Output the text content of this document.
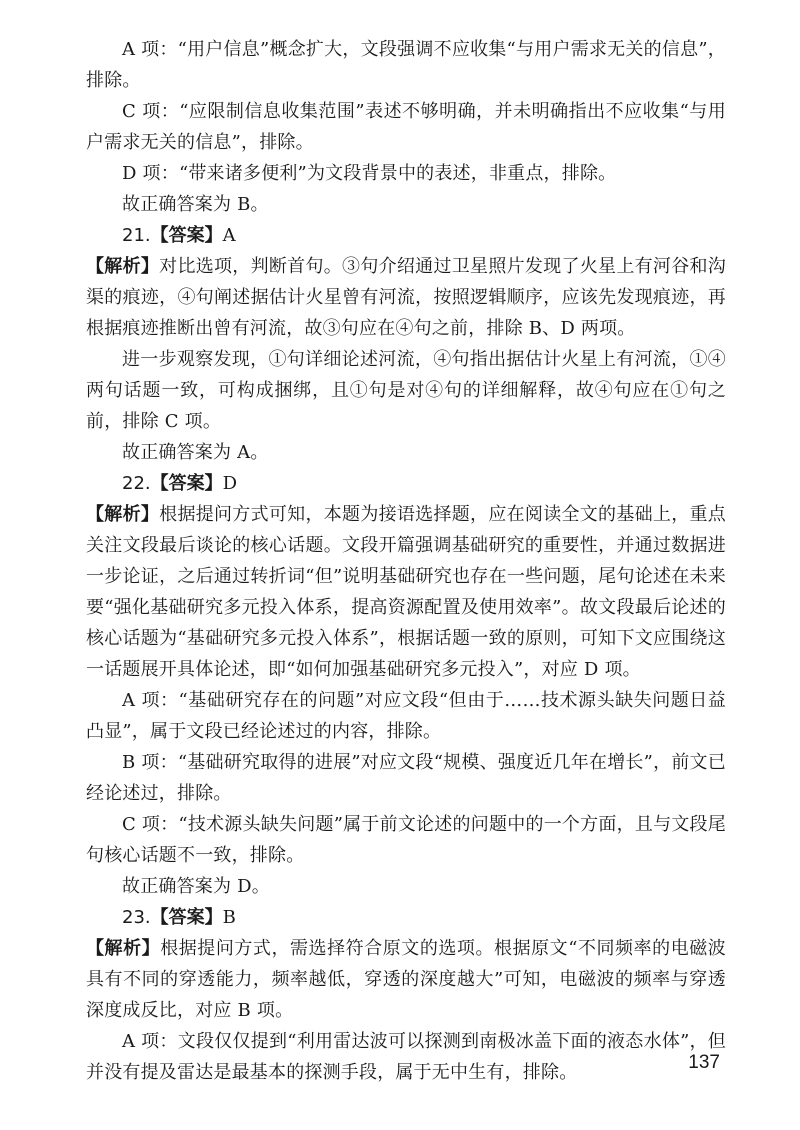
A 项：“用户信息”概念扩大，文段强调不应收集“与用户需求无关的信息”，排除。

C 项：“应限制信息收集范围”表述不够明确，并未明确指出不应收集“与用户需求无关的信息”，排除。

D 项：“带来诸多便利”为文段背景中的表述，非重点，排除。

故正确答案为 B。

21.【答案】A

【解析】对比选项，判断首句。③句介绍通过卫星照片发现了火星上有河谷和沟渠的痕迹，④句阐述据估计火星曾有河流，按照逻辑顺序，应该先发现痕迹，再根据痕迹推断出曾有河流，故③句应在④句之前，排除 B、D 两项。

进一步观察发现，①句详细论述河流，④句指出据估计火星上有河流，①④两句话题一致，可构成捆绑，且①句是对④句的详细解释，故④句应在①句之前，排除 C 项。

故正确答案为 A。

22.【答案】D

【解析】根据提问方式可知，本题为接语选择题，应在阅读全文的基础上，重点关注文段最后谈论的核心话题。文段开篇强调基础研究的重要性，并通过数据进一步论证，之后通过转折词“但”说明基础研究也存在一些问题，尾句论述在未来要“强化基础研究多元投入体系，提高资源配置及使用效率”。故文段最后论述的核心话题为“基础研究多元投入体系”，根据话题一致的原则，可知下文应围绕这一话题展开具体论述，即“如何加强基础研究多元投入”，对应 D 项。

A 项：“基础研究存在的问题”对应文段“但由于……技术源头缺失问题日益凸显”，属于文段已经论述过的内容，排除。

B 项：“基础研究取得的进展”对应文段“规模、强度近几年在增长”，前文已经论述过，排除。

C 项：“技术源头缺失问题”属于前文论述的问题中的一个方面，且与文段尾句核心话题不一致，排除。

故正确答案为 D。

23.【答案】B

【解析】根据提问方式，需选择符合原文的选项。根据原文“不同频率的电磁波具有不同的穿透能力，频率越低，穿透的深度越大”可知，电磁波的频率与穿透深度成反比，对应 B 项。

A 项：文段仅仅提到“利用雷达波可以探测到南极冰盖下面的液态水体”，但并没有提及雷达是最基本的探测手段，属于无中生有，排除。	137
